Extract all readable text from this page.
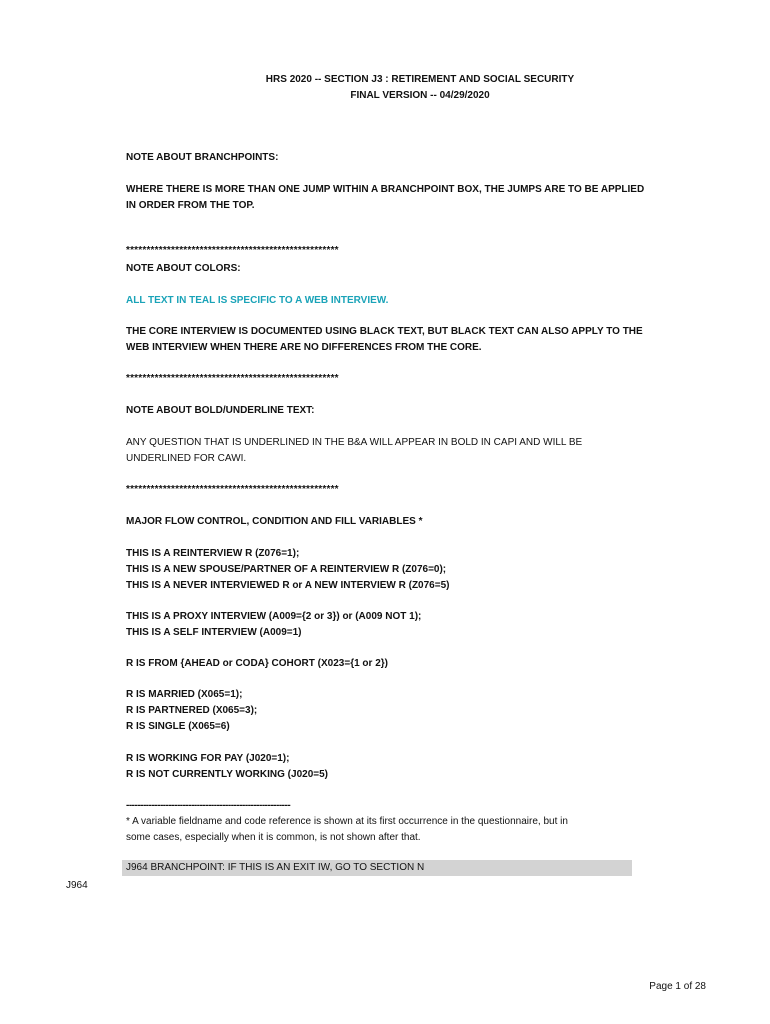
HRS 2020 -- SECTION J3 : RETIREMENT AND SOCIAL SECURITY
FINAL VERSION -- 04/29/2020
NOTE ABOUT BRANCHPOINTS:
WHERE THERE IS MORE THAN ONE JUMP WITHIN A BRANCHPOINT BOX, THE JUMPS ARE TO BE APPLIED
IN ORDER FROM THE TOP.
****************************************************
NOTE ABOUT COLORS:
ALL TEXT IN TEAL IS SPECIFIC TO A WEB INTERVIEW.
THE CORE INTERVIEW IS DOCUMENTED USING BLACK TEXT, BUT BLACK TEXT CAN ALSO APPLY TO THE
WEB INTERVIEW WHEN THERE ARE NO DIFFERENCES FROM THE CORE.
****************************************************
NOTE ABOUT BOLD/UNDERLINE TEXT:
ANY QUESTION THAT IS UNDERLINED IN THE B&A WILL APPEAR IN BOLD IN CAPI AND WILL BE
UNDERLINED FOR CAWI.
****************************************************
MAJOR FLOW CONTROL, CONDITION AND FILL VARIABLES *
THIS IS A REINTERVIEW R (Z076=1);
THIS IS A NEW SPOUSE/PARTNER OF A REINTERVIEW R (Z076=0);
THIS IS A NEVER INTERVIEWED R or A NEW INTERVIEW R (Z076=5)
THIS IS A PROXY INTERVIEW (A009={2 or 3}) or (A009 NOT 1);
THIS IS A SELF INTERVIEW (A009=1)
R IS FROM {AHEAD or CODA} COHORT (X023={1 or 2})
R IS MARRIED (X065=1);
R IS PARTNERED (X065=3);
R IS SINGLE (X065=6)
R IS WORKING FOR PAY (J020=1);
R IS NOT CURRENTLY WORKING (J020=5)
----------------------------------------------------------
* A variable fieldname and code reference is shown at its first occurrence in the questionnaire, but in
some cases, especially when it is common, is not shown after that.
J964 BRANCHPOINT: IF THIS IS AN EXIT IW, GO TO SECTION N
J964
Page 1 of 28
